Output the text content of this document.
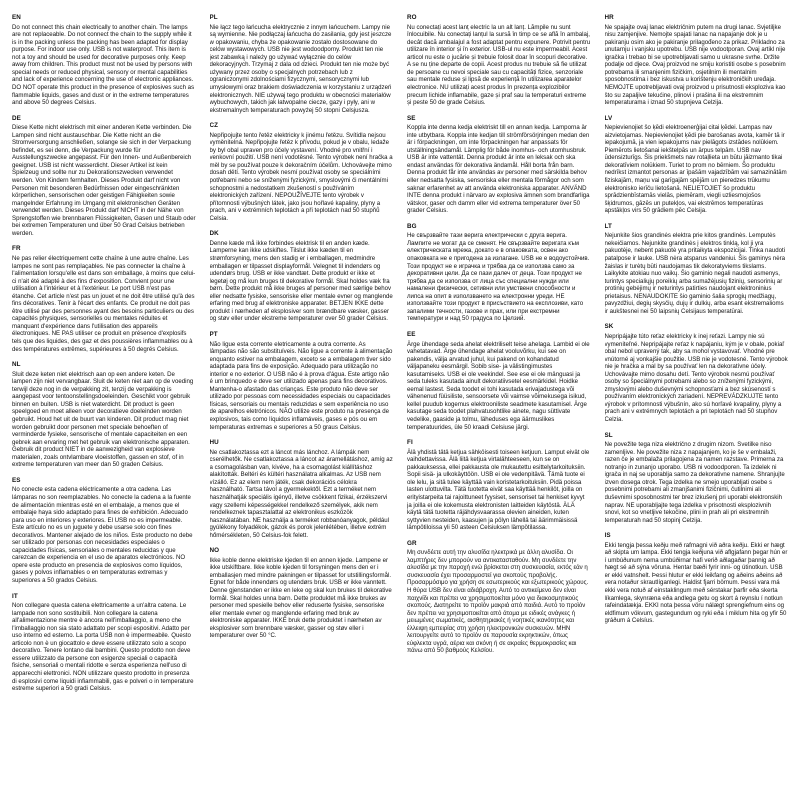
EN

Do not connect this chain electrically to another chain. The lamps are not replaceable. Do not connect the chain to the supply while it is in the packing unless the packing has been adapted for display purpose. For indoor use only. USB is not waterproof. This item is not a toy and should be used for decorative purposes only. Keep away from children. This product must not be used by persons with special needs or reduced physical, sensory or mental capabilities and lack of experience concerning the use of electronic appliances. DO NOT operate this product in the presence of explosives such as flammable liquids, gases and dust or in the extreme temperatures and above 50 degrees Celsius.

DE

Diese Kette nicht elektrisch mit einer anderen Kette verbinden. Die Lampen sind nicht austauschbar. Die Kette nicht an die Stromversorgung anschließen, solange sie sich in der Verpackung befindet, es sei denn, die Verpackung wurde für Ausstellungszwecke angepasst. Für den Innen- und Außenbereich geeignet. USB ist nicht wasserdicht. Dieser Artikel ist kein Spielzeug und sollte nur zu Dekorationszwecken verwendet werden. Von Kindern fernhalten. Dieses Produkt darf nicht von Personen mit besonderen Bedürfnissen oder eingeschränkten körperlichen, sensorischen oder geistigen Fähigkeiten sowie mangelnder Erfahrung im Umgang mit elektronischen Geräten verwendet werden. Dieses Produkt darf NICHT in der Nähe von Sprengstoffen wie brennbaren Flüssigkeiten, Gasen und Staub oder bei extremen Temperaturen und über 50 Grad Celsius betrieben werden.

FR

Ne pas relier électriquement cette chaîne à une autre chaîne. Les lampes ne sont pas remplaçables. Ne pas connecter la chaîne à l'alimentation lorsqu'elle est dans son emballage, à moins que celui-ci n'ait été adapté à des fins d'exposition. Convient pour une utilisation à l'intérieur et à l'extérieur. Le port USB n'est pas étanche. Cet article n'est pas un jouet et ne doit être utilisé qu'à des fins décoratives. Tenir à l'écart des enfants. Ce produit ne doit pas être utilisé par des personnes ayant des besoins particuliers ou des capacités physiques, sensorielles ou mentales réduites et manquant d'expérience dans l'utilisation des appareils électroniques. NE PAS utiliser ce produit en présence d'explosifs tels que des liquides, des gaz et des poussières inflammables ou à des températures extrêmes, supérieures à 50 degrés Celsius.

NL

Sluit deze keten niet elektrisch aan op een andere keten. De lampen zijn niet vervangbaar. Sluit de keten niet aan op de voeding terwijl deze nog in de verpakking zit, tenzij de verpakking is aangepast voor tentoonstellingsdoeleinden. Geschikt voor gebruik binnen en buiten. USB is niet waterdicht. Dit product is geen speelgoed en moet alleen voor decoratieve doeleinden worden gebruikt. Houd het uit de buurt van kinderen. Dit product mag niet worden gebruikt door personen met speciale behoeften of verminderde fysieke, sensorische of mentale capaciteiten en een gebrek aan ervaring met het gebruik van elektronische apparaten. Gebruik dit product NIET in de aanwezigheid van explosieve materialen, zoals ontvlambare vloeistoffen, gassen en stof, of in extreme temperaturen van meer dan 50 graden Celsius.

ES

No conecte esta cadena eléctricamente a otra cadena. Las lámparas no son reemplazables. No conecte la cadena a la fuente de alimentación mientras esté en el embalaje, a menos que el embalaje haya sido adaptado para fines de exhibición. Adecuado para uso en interiores y exteriores. El USB no es impermeable. Este artículo no es un juguete y debe usarse solo con fines decorativos. Mantener alejado de los niños. Este producto no debe ser utilizado por personas con necesidades especiales o capacidades físicas, sensoriales o mentales reducidas y que carezcan de experiencia en el uso de aparatos electrónicos. NO opere este producto en presencia de explosivos como líquidos, gases y polvos inflamables o en temperaturas extremas y superiores a 50 grados Celsius.

IT

Non collegare questa catena elettricamente a un'altra catena. Le lampade non sono sostituibili. Non collegare la catena all'alimentazione mentre è ancora nell'imballaggio, a meno che l'imballaggio non sia stato adattato per scopi espositivi. Adatto per uso interno ed esterno. La porta USB non è impermeabile. Questo articolo non è un giocattolo e deve essere utilizzato solo a scopo decorativo. Tenere lontano dai bambini. Questo prodotto non deve essere utilizzato da persone con esigenze speciali o capacità fisiche, sensoriali o mentali ridotte e senza esperienza nell'uso di apparecchi elettronici. NON utilizzare questo prodotto in presenza di esplosivi come liquidi infiammabili, gas e polveri o in temperature estreme superiori a 50 gradi Celsius.

PL

Nie łącz tego łańcucha elektrycznie z innym łańcuchem. Lampy nie są wymienne. Nie podłączaj łańcucha do zasilania, gdy jest jeszcze w opakowaniu, chyba że opakowanie zostało dostosowane do celów wystawowych. USB nie jest wodoodporny. Produkt ten nie jest zabawką i należy go używać wyłącznie do celów dekoracyjnych. Trzymaj z dala od dzieci. Produkt ten nie może być używany przez osoby o specjalnych potrzebach lub z ograniczonymi zdolnościami fizycznymi, sensorycznymi lub umysłowymi oraz brakiem doświadczenia w korzystaniu z urządzeń elektronicznych. NIE używaj tego produktu w obecności materiałów wybuchowych, takich jak łatwopalne ciecze, gazy i pyły, ani w ekstremalnych temperaturach powyżej 50 stopni Celsjusza.

CZ

Nepřipojujte tento řetěz elektricky k jinému řetězu. Svítidla nejsou vyměnitelná. Nepřipojujte řetěz k přívodu, pokud je v obalu, ledaže by byl obal upraven pro účely vystavení. Vhodné pro vnitřní i venkovní použití. USB není vodotěsné. Tento výrobek není hračka a měl by se používat pouze k dekoračním účelům. Uchovávejte mimo dosah dětí. Tento výrobek nesmí používat osoby se speciálními potřebami nebo se sníženými fyzickými, smyslovými či mentálními schopnostmi a nedostatkem zkušeností s používáním elektronických zařízení. NEPOUŽÍVEJTE tento výrobek v přítomnosti výbušných látek, jako jsou hořlavé kapaliny, plyny a prach, ani v extrémních teplotách a při teplotách nad 50 stupňů Celsia.

DK

Denne kæde må ikke forbindes elektrisk til en anden kæde. Lamperne kan ikke udskiftes. Tilslut ikke kæden til en strømforsyning, mens den stadig er i emballagen, medmindre emballagen er tilpasset displayformål. Velegnet til indendørs og udendørs brug. USB er ikke vandtæt. Dette produkt er ikke et legetøj og må kun bruges til dekorative formål. Skal holdes væk fra børn. Dette produkt må ikke bruges af personer med særlige behov eller nedsatte fysiske, sensoriske eller mentale evner og manglende erfaring med brug af elektroniske apparater. BETJEN IKKE dette produkt i nærheden af eksplosiver som brændbare væsker, gasser og støv eller under ekstreme temperaturer over 50 grader Celsius.

PT

Não ligue esta corrente eletricamente a outra corrente. As lâmpadas não são substituíveis. Não ligue a corrente à alimentação enquanto estiver na embalagem, exceto se a embalagem tiver sido adaptada para fins de exposição. Adequado para utilização no interior e no exterior. O USB não é à prova d'água. Este artigo não é um brinquedo e deve ser utilizado apenas para fins decorativos. Mantenha-o afastado das crianças. Este produto não deve ser utilizado por pessoas com necessidades especiais ou capacidades físicas, sensoriais ou mentais reduzidas e sem experiência no uso de aparelhos eletrónicos. NÃO utilize este produto na presença de explosivos, tais como líquidos inflamáveis, gases e pós ou em temperaturas extremas e superiores a 50 graus Celsius.

HU

Ne csatlakoztassa ezt a láncot más lánchoz. A lámpák nem cserélhetők. Ne csatlakoztassa a láncot az áramellátáshoz, amíg az a csomagolásban van, kivéve, ha a csomagolást kiállításhoz alakították. Beltéri és kültéri használatra alkalmas. Az USB nem vízálló. Ez az elem nem játék, csak dekorációs célokra használható. Tartsa távol a gyermekektől. Ezt a terméket nem használhatják speciális igényű, illetve csökkent fizikai, érzékszervi vagy szellemi képességekkel rendelkező személyek, akik nem rendelkeznek tapasztalattal az elektronikus eszközök használatában. NE használja a terméket robbanóanyagok, például gyúlékony folyadékok, gázok és porok jelenlétében, illetve extrém hőmérsékleten, 50 Celsius-fok felett.

NO

Ikke koble denne elektriske kjeden til en annen kjede. Lampene er ikke utskiftbare. Ikke koble kjeden til forsyningen mens den er i emballasjen med mindre pakningen er tilpasset for utstillingsformål. Egnet for både innendørs og utendørs bruk. USB er ikke vanntett. Denne gjenstanden er ikke en leke og skal kun brukes til dekorative formål. Skal holdes unna barn. Dette produktet må ikke brukes av personer med spesielle behov eller reduserte fysiske, sensoriske eller mentale evner og manglende erfaring med bruk av elektroniske apparater. IKKE bruk dette produktet i nærheten av eksplosiver som brennbare væsker, gasser og støv eller i temperaturer over 50 °C.

RO

Nu conectați acest lanț electric la un alt lanț. Lămpile nu sunt înlocuibile. Nu conectați lanțul la sursă în timp ce se află în ambalaj, decât dacă ambalajul a fost adaptat pentru expunere. Potrivit pentru utilizare în interior și în exterior. USB-ul nu este impermeabil. Acest articol nu este o jucărie și trebuie folosit doar în scopuri decorative. A se nu ține departe de copii. Acest produs nu trebuie să fie utilizat de persoane cu nevoi speciale sau cu capacități fizice, senzoriale sau mentale reduse și lipsă de experiență în utilizarea aparatelor electronice. NU utilizați acest produs în prezența explozibilor precum lichide inflamabile, gaze și praf sau la temperaturi extreme și peste 50 de grade Celsius.

SE

Koppla inte denna kedja elektriskt till en annan kedja. Lamporna är inte utbytbara. Koppla inte kedjan till strömförsörjningen medan den är i förpackningen, om inte förpackningen har anpassats för utställningsändamål. Lämplig för både inomhus- och utomhusbruk. USB är inte vattentät. Denna produkt är inte en leksak och ska endast användas för dekorativa ändamål. Håll borta från barn. Denna produkt får inte användas av personer med särskilda behov eller nedsatta fysiska, sensoriska eller mentala förmågor och som saknar erfarenhet av att använda elektroniska apparater. ANVÄND INTE denna produkt i närvaro av explosiva ämnen som brandfarliga vätskor, gaser och damm eller vid extrema temperaturer över 50 grader Celsius.

BG

Не свързвайте тази верига електрически с друга верига. Лампите не могат да се сменят. Не свързвайте веригата към електрическата мрежа, докато е в опаковката, освен ако опаковката не е пригодена за излагане. USB не е водоустойчив. Този продукт не е играчка и трябва да се използва само за декоративни цели. Да се пази далеч от деца. Този продукт не трябва да се използва от лица със специални нужди или намалени физически, сетивни или умствени способности и липса на опит в използването на електронни уреди. НЕ използвайте този продукт в присъствието на експлозиви, като запалими течности, газове и прах, или при екстремни температури и над 50 градуса по Целзий.

EE

Ärge ühendage seda ahelat elektriliselt teise ahelaga. Lambid ei ole vahetatavad. Ärge ühendage ahelat vooluvõrku, kui see on pakendis, välja arvatud juhul, kui pakend on kohandatud väljapaneku eesmärgil. Sobib sise- ja välistingimustes kasutamiseks. USB ei ole veekindel. See ese ei ole mänguasi ja seda tuleks kasutada ainult dekoratiivsetel eesmärkidel. Hoidke eemal lastest. Seda toodet ei tohi kasutada erivajadustega või vähenenud füüsiliste, sensoorsete või vaimse võimekusega isikud, kellel puudub kogemus elektrooniliste seadmete kasutamisel. Ärge kasutage seda toodet plahvatusohtlike ainete, nagu süttivate vedelike, gaaside ja tolmu, läheduses ega äärmuslikes temperatuurides, üle 50 kraadi Celsiuse järgi.

FI

Älä yhdistä tätä ketjua sähköisesti toiseen ketjuun. Lamput eivät ole vaihdettavissa. Älä liitä ketjua virtalähteeseen, kun se on pakkauksessa, ellei pakkausta ole mukautettu esittelytarkoituksiin. Sopii sisä- ja ulkokäyttöön. USB ei ole vedenpitävä. Tämä tuote ei ole lelu, ja sitä tulee käyttää vain koristetarkoituksiin. Pidä poissa lasten ulottuvilta. Tätä tuotetta eivät saa käyttää henkilöt, joilla on erityistarpeita tai rajoittuneet fyysiset, sensoriset tai henkiset kyvyt ja joilla ei ole kokemusta elektronisten laitteiden käytöstä. ÄLÄ käytä tätä tuotetta räjähdysvaarassa olevien aineiden, kuten syttyvien nesteiden, kaasujen ja pölyn lähellä tai äärimmäisissä lämpötiloissa yli 50 asteen Celsiuksen lämpötilassa.

GR

Μη συνδέετε αυτή την αλυσίδα ηλεκτρικά με άλλη αλυσίδα. Οι λαμπτήρες δεν μπορούν να αντικατασταθούν. Μη συνδέετε την αλυσίδα με την παροχή ενώ βρίσκεται στη συσκευασία, εκτός εάν η συσκευασία έχει προσαρμοστεί για σκοπούς προβολής. Προσαρμόσιμο για χρήση σε εσωτερικούς και εξωτερικούς χώρους. Η θύρα USB δεν είναι αδιάβροχη. Αυτό το αντικείμενο δεν είναι παιχνίδι και πρέπει να χρησιμοποιείται μόνο για διακοσμητικούς σκοπούς. Διατηρείτε το προϊόν μακριά από παιδιά. Αυτό το προϊόν δεν πρέπει να χρησιμοποιείται από άτομα με ειδικές ανάγκες ή μειωμένες σωματικές, αισθητηριακές ή νοητικές ικανότητες και έλλειψη εμπειρίας στη χρήση ηλεκτρονικών συσκευών. ΜΗΝ λειτουργείτε αυτό το προϊόν σε παρουσία εκρηκτικών, όπως εύφλεκτα υγρά, αέρια και σκόνη ή σε ακραίες θερμοκρασίες και πάνω από 50 βαθμούς Κελσίου.

HR

Ne spajajte ovaj lanac električnim putem na drugi lanac. Svjetiljke nisu zamjenjive. Nemojte spajati lanac na napajanje dok je u pakiranju osim ako je pakiranje prilagođeno za prikaz. Prikladno za unutarnju i vanjsku upotrebu. USB nije vodootporan. Ovaj artikl nije igračka i trebao bi se upotrebljavati samo u ukrasne svrhe. Držite podalje od djece. Ovaj proizvod ne smiju koristiti osobe s posebnim potrebama ili smanjenim fizičkim, osjetilnim ili mentalnim sposobnostima i bez iskustva u korištenju elektroničkih uređaja. NEMOJTE upotrebljavati ovaj proizvod u prisutnosti eksploziva kao što su zapaljive tekućine, plinovi i prašina ili na ekstremnim temperaturama i iznad 50 stupnjeva Celzija.

LV

Nepievienojiet šo ķēdi elektroenerģijai citai ķēdei. Lampas nav aizvietojamas. Nepievienojiet ķēdi pie barošanas avota, kamēr tā ir iepakojumā, ja vien iepakojums nav pielāgots izstādes nolūkiem. Piemērots lietošanai iekštelpās un ārpus telpām. USB nav ūdensizturīgs. Šis priekšmets nav rotaļlieta un būtu jāizmanto tikai dekoratīviem nolūkiem. Turiet to prom no bērniem. Šo produktu nedrīkst izmantot personas ar īpašām vajadzībām vai samazinātām fiziskajām, maņu vai garīgajām spējām un pieredzes trūkumu elektronisko ierīču lietošanā. NELIETOJIET šo produktu sprādzienbīstamās vielās, piemēram, viegli uzliesmojošos šķidrumos, gāzēs un putekļos, vai ekstrēmos temperatūras apstākļos virs 50 grādiem pēc Celsija.

LT

Nejunkite šios grandinės elektra prie kitos grandinės. Lemputės nekeičiamos. Nejunkite grandinės į elektros tinklą, kol ji yra pakuotėje, nebent pakuotė yra pritaikyta ekspozicijai. Tinka naudoti patalpose ir lauke. USB nėra atsparus vandeniui. Šis gaminys nėra žaislas ir turėtų būti naudojamas tik dekoratyviems tikslams. Laikykite atokiau nuo vaikų. Šio gaminio negali naudoti asmenys, turintys specialiųjų poreikių arba sumažėjusių fizinių, sensorinių ar protinių gebėjimų ir neturintys patirties naudojant elektroninius prietaisus. NENAUDOKITE šio gaminio šalia sprogių medžiagų, pavyzdžiui, degių skysčių, dujų ir dulkių, arba esant ekstremalioms ir aukštesnei nei 50 laipsnių Celsijaus temperatūrai.

SK

Nepripájajte túto reťaz elektricky k inej reťazi. Lampy nie sú vymeniteľné. Nepripájajte reťaz k napájaniu, kým je v obale, pokiaľ obal nebol upravený tak, aby sa mohol vystavovať. Vhodné pre vnútorné aj vonkajšie použitie. USB nie je vodotesné. Tento výrobok nie je hračka a mal by sa používať len na dekoratívne účely. Uchovávajte mimo dosahu detí. Tento výrobok nesmú používať osoby so špeciálnymi potrebami alebo so zníženými fyzickými, zmyslovými alebo duševnými schopnosťami a bez skúseností s používaním elektronických zariadení. NEPREVÁDZKUJTE tento výrobok v prítomnosti výbušnín, ako sú horľavé kvapaliny, plyny a prach ani v extrémnych teplotách a pri teplotách nad 50 stupňov Celzia.

SL

Ne povežite tega niza električno z drugim nizom. Svetilke niso zamenljive. Ne povežite niza z napajanjem, ko je še v embalaži, razen če je embalaža prilagojena za namen razstave. Primerna za notranjo in zunanjo uporabo. USB ni vodoodporen. Ta izdelek ni igrača in naj se uporablja samo za dekorativne namene. Shranjujte izven dosega otrok. Tega izdelka ne smejo uporabljati osebe s posebnimi potrebami ali zmanjšanimi fizičnimi, čutilnimi ali duševnimi sposobnostmi ter brez izkušenj pri uporabi elektronskih naprav. NE uporabljajte tega izdelka v prisotnosti eksplozivnih snovi, kot so vnetljive tekočine, plini in prah ali pri ekstremnih temperaturah nad 50 stopinj Celzija.

IS

Ekki tengja þessa keðju með rafmagni við aðra keðju. Ekki er hægt að skipta um lampa. Ekki tengja keðjuna við aflgjafann þegar hún er í umbúðunum nema umbúðirnar hafi verið aðlagaðar þannig að hægt sé að sýna vöruna. Hentar bæði fyrir inni- og útinotkun. USB er ekki vatnshelt. Þessi hlutur er ekki leikfang og aðeins aðeins að vera notaður skrautlíganlegi. Haldist fjarri börnum. Þessi vara má ekki vera notuð af einstaklingum með sérstakar þarfir eða skerta líkamlega, skynræna eða andlega getu og skort á reynslu í notkun rafeindatækja. EKKI nota þessa vöru nálægt sprengiefnum eins og eldfimum vökvum, gastegundum og ryki eða í miklum hita og yfir 50 gráðum á Celsíus.
